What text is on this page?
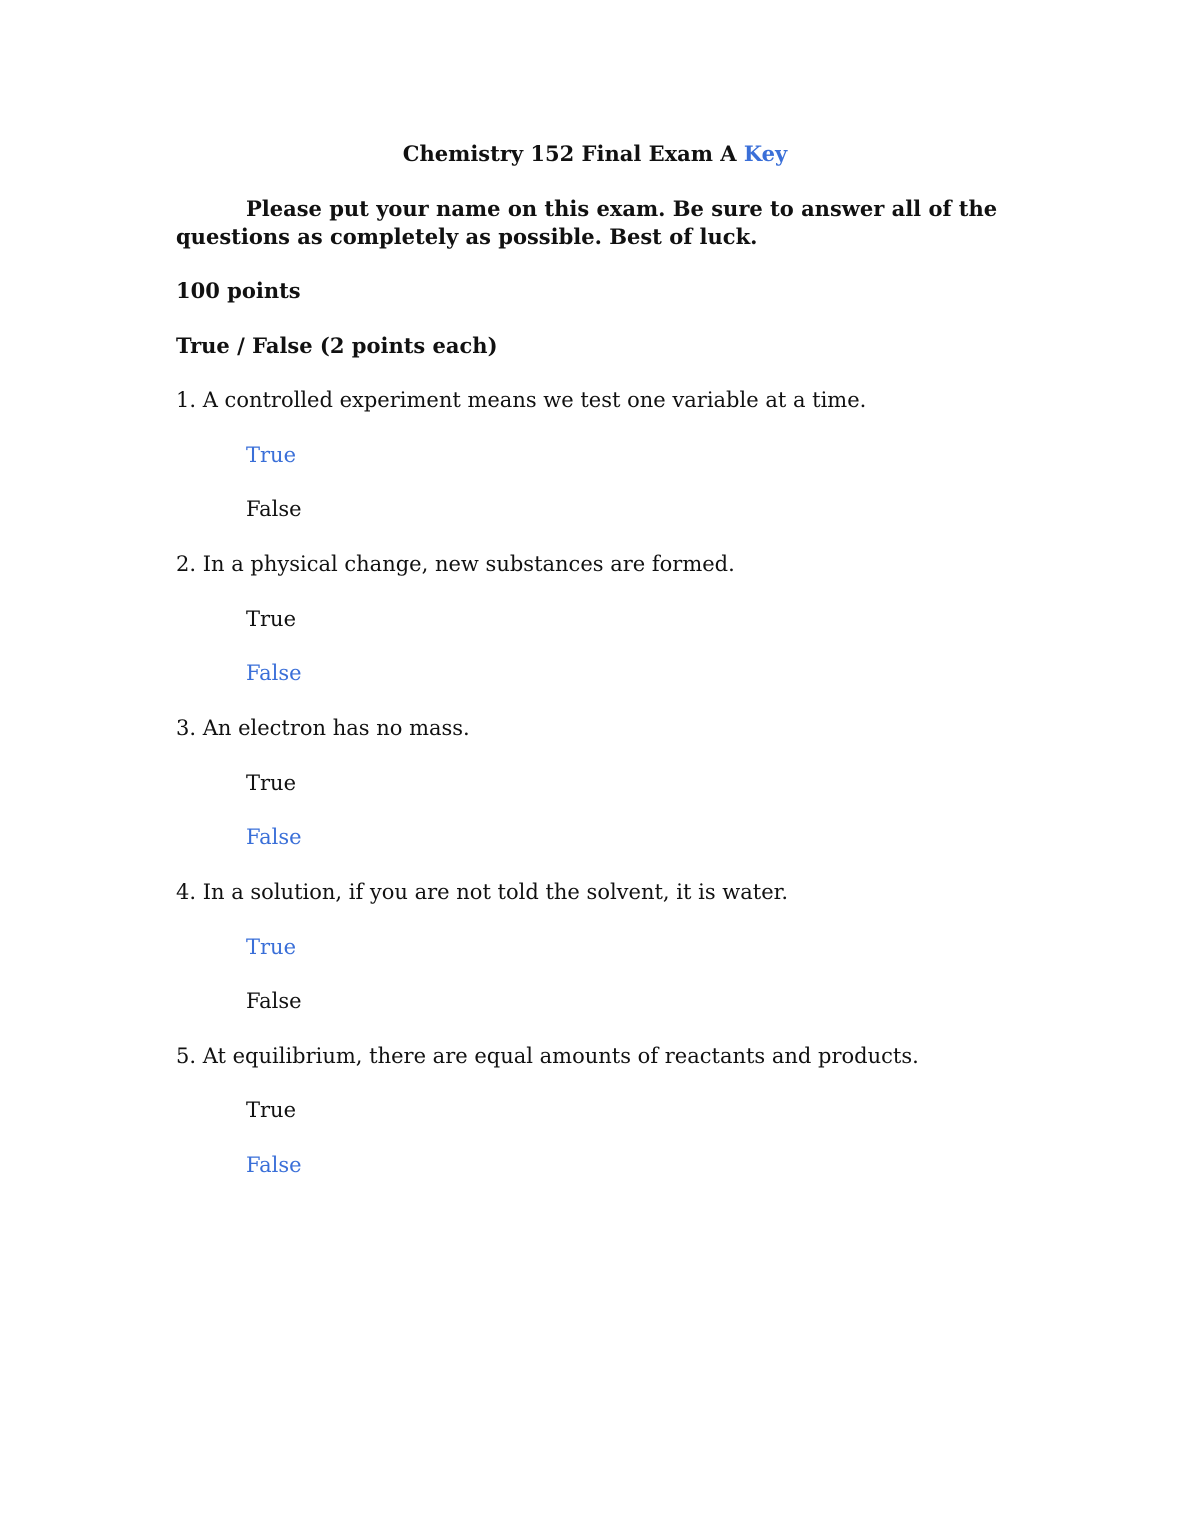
Chemistry 152 Final Exam A Key
Please put your name on this exam. Be sure to answer all of the
questions as completely as possible. Best of luck.
100 points
True / False (2 points each)
1. A controlled experiment means we test one variable at a time.
True
False
2. In a physical change, new substances are formed.
True
False
3. An electron has no mass.
True
False
4. In a solution, if you are not told the solvent, it is water.
True
False
5. At equilibrium, there are equal amounts of reactants and products.
True
False
